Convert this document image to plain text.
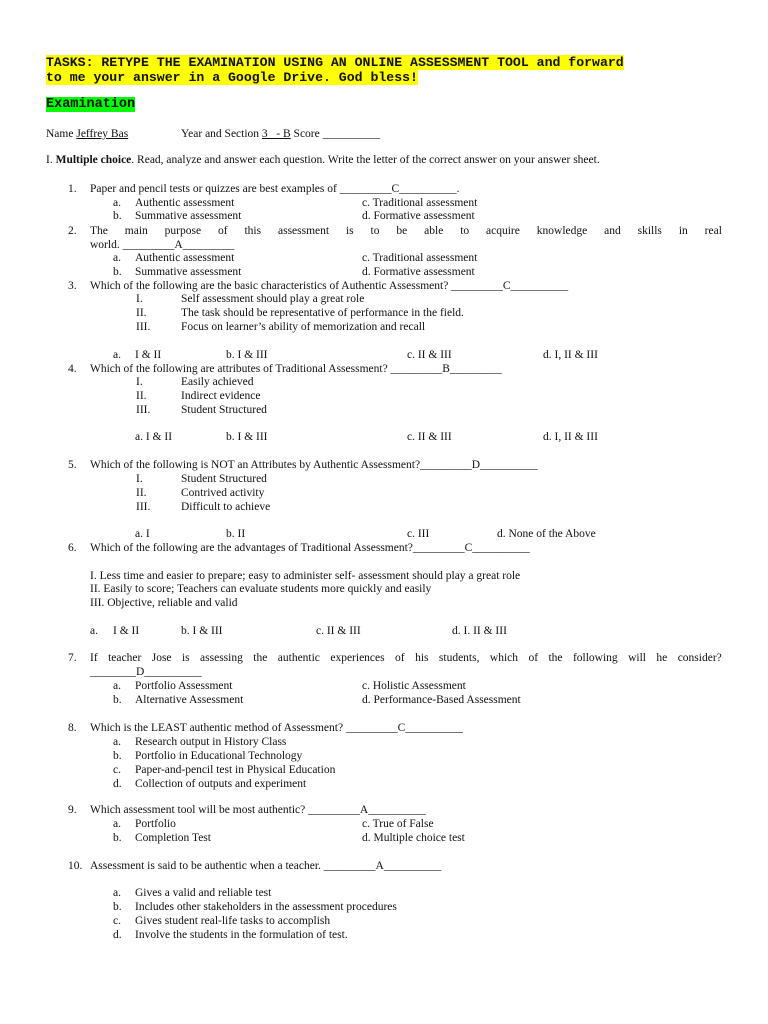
TASKS: RETYPE THE EXAMINATION USING AN ONLINE ASSESSMENT TOOL and forward
to me your answer in a Google Drive. God bless!
Examination
Name Jeffrey Bas	Year and Section 3   - B Score __________
I. Multiple choice. Read, analyze and answer each question. Write the letter of the correct answer on your answer sheet.
1. Paper and pencil tests or quizzes are best examples of _________C__________.
a. Authentic assessment
b. Summative assessment
c. Traditional assessment
d. Formative assessment
2. The main purpose of this assessment is to be able to acquire knowledge and skills in real
world. _________A_________
a. Authentic assessment
b. Summative assessment
c. Traditional assessment
d. Formative assessment
3. Which of the following are the basic characteristics of Authentic Assessment? _________C__________
I.	Self assessment should play a great role
II.	The task should be representative of performance in the field.
III.	Focus on learner’s ability of memorization and recall
a. I & II	b. I & III	c. II & III	d. I, II & III
4. Which of the following are attributes of Traditional Assessment? _________B_________
I.	Easily achieved
II.	Indirect evidence
III.	Student Structured
a. I & II	b. I & III	c. II & III	d. I, II & III
5. Which of the following is NOT an Attributes by Authentic Assessment?_________D__________
I.	Student Structured
II.	Contrived activity
III.	Difficult to achieve
a. I	b. II	c. III	d. None of the Above
6. Which of the following are the advantages of Traditional Assessment?_________C__________
I. Less time and easier to prepare; easy to administer self- assessment should play a great role
II. Easily to score; Teachers can evaluate students more quickly and easily
III. Objective, reliable and valid
a. I & II	b. I & III	c. II & III	d. I. II & III
7. If teacher Jose is assessing the authentic experiences of his students, which of the following will he consider?
________D__________
a. Portfolio Assessment
b. Alternative Assessment
c. Holistic Assessment
d. Performance-Based Assessment
8. Which is the LEAST authentic method of Assessment? _________C__________
a. Research output in History Class
b. Portfolio in Educational Technology
c. Paper-and-pencil test in Physical Education
d. Collection of outputs and experiment
9. Which assessment tool will be most authentic? _________A__________
a. Portfolio
b. Completion Test
c. True of False
d. Multiple choice test
10. Assessment is said to be authentic when a teacher. _________A__________
a. Gives a valid and reliable test
b. Includes other stakeholders in the assessment procedures
c. Gives student real-life tasks to accomplish
d. Involve the students in the formulation of test.
